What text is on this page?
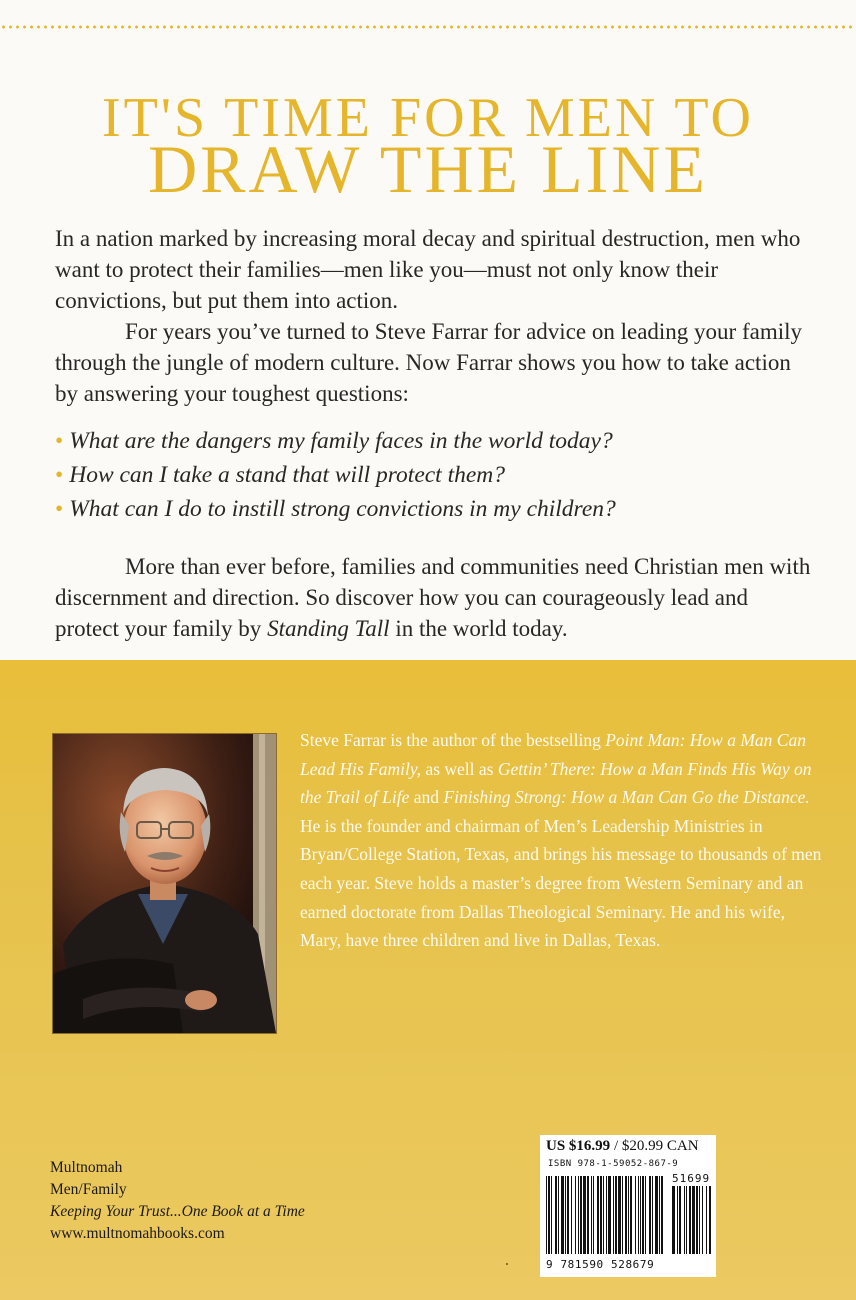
IT'S TIME FOR MEN TO
DRAW THE LINE

In a nation marked by increasing moral decay and spiritual destruction, men who want to protect their families—men like you—must not only know their convictions, but put them into action.

For years you’ve turned to Steve Farrar for advice on leading your family through the jungle of modern culture. Now Farrar shows you how to take action by answering your toughest questions:

• What are the dangers my family faces in the world today?
• How can I take a stand that will protect them?
• What can I do to instill strong convictions in my children?
More than ever before, families and communities need Christian men with discernment and direction. So discover how you can courageously lead and protect your family by Standing Tall in the world today.
Steve Farrar is the author of the bestselling Point Man: How a Man Can Lead His Family, as well as Gettin’ There: How a Man Finds His Way on the Trail of Life and Finishing Strong: How a Man Can Go the Distance. He is the founder and chairman of Men’s Leadership Ministries in Bryan/College Station, Texas, and brings his message to thousands of men each year. Steve holds a master’s degree from Western Seminary and an earned doctorate from Dallas Theological Seminary. He and his wife, Mary, have three children and live in Dallas, Texas.
Multnomah
Men/Family
Keeping Your Trust...One Book at a Time
www.multnomahbooks.com
US $16.99 / $20.99 CAN
ISBN 978-1-59052-867-9
51699
9 781590 528679
